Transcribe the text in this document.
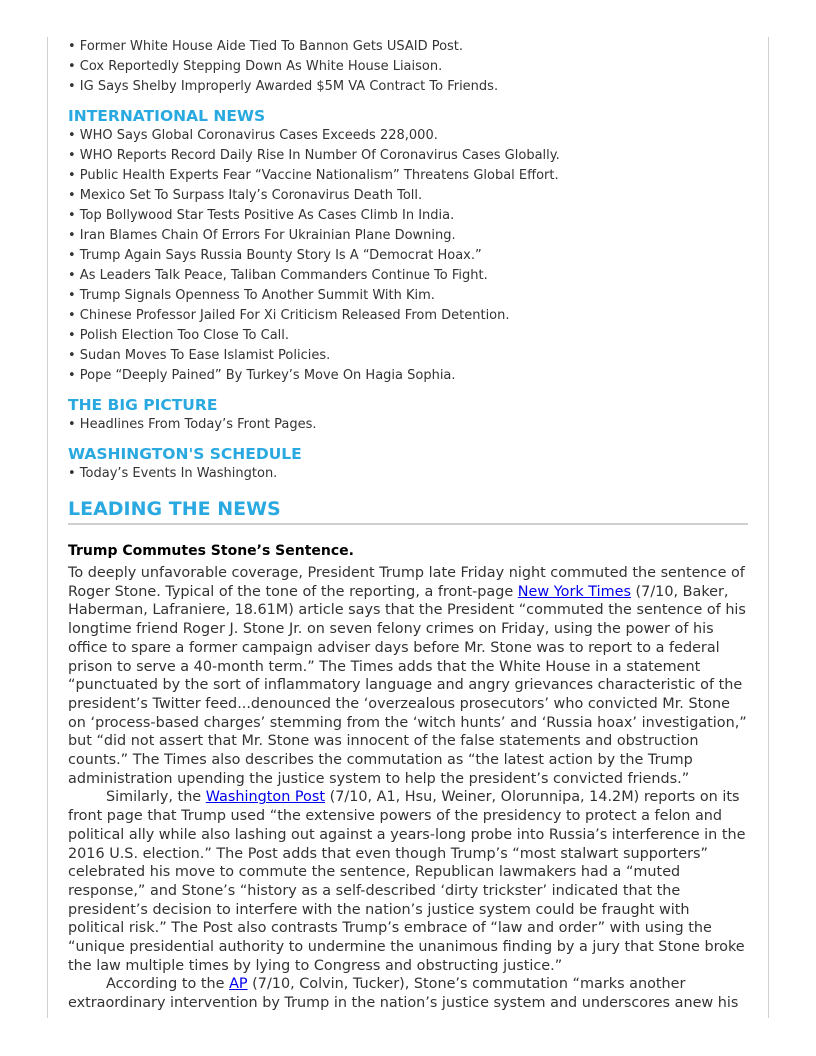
• Former White House Aide Tied To Bannon Gets USAID Post.
• Cox Reportedly Stepping Down As White House Liaison.
• IG Says Shelby Improperly Awarded $5M VA Contract To Friends.
INTERNATIONAL NEWS
• WHO Says Global Coronavirus Cases Exceeds 228,000.
• WHO Reports Record Daily Rise In Number Of Coronavirus Cases Globally.
• Public Health Experts Fear “Vaccine Nationalism” Threatens Global Effort.
• Mexico Set To Surpass Italy’s Coronavirus Death Toll.
• Top Bollywood Star Tests Positive As Cases Climb In India.
• Iran Blames Chain Of Errors For Ukrainian Plane Downing.
• Trump Again Says Russia Bounty Story Is A “Democrat Hoax.”
• As Leaders Talk Peace, Taliban Commanders Continue To Fight.
• Trump Signals Openness To Another Summit With Kim.
• Chinese Professor Jailed For Xi Criticism Released From Detention.
• Polish Election Too Close To Call.
• Sudan Moves To Ease Islamist Policies.
• Pope “Deeply Pained” By Turkey’s Move On Hagia Sophia.
THE BIG PICTURE
• Headlines From Today’s Front Pages.
WASHINGTON'S SCHEDULE
• Today’s Events In Washington.
LEADING THE NEWS
Trump Commutes Stone’s Sentence.

To deeply unfavorable coverage, President Trump late Friday night commuted the sentence of Roger Stone. Typical of the tone of the reporting, a front-page New York Times (7/10, Baker, Haberman, Lafraniere, 18.61M) article says that the President “commuted the sentence of his longtime friend Roger J. Stone Jr. on seven felony crimes on Friday, using the power of his office to spare a former campaign adviser days before Mr. Stone was to report to a federal prison to serve a 40-month term.” The Times adds that the White House in a statement “punctuated by the sort of inflammatory language and angry grievances characteristic of the president’s Twitter feed...denounced the ‘overzealous prosecutors’ who convicted Mr. Stone on ‘process-based charges’ stemming from the ‘witch hunts’ and ‘Russia hoax’ investigation,” but “did not assert that Mr. Stone was innocent of the false statements and obstruction counts.” The Times also describes the commutation as “the latest action by the Trump administration upending the justice system to help the president’s convicted friends.”

Similarly, the Washington Post (7/10, A1, Hsu, Weiner, Olorunnipa, 14.2M) reports on its front page that Trump used “the extensive powers of the presidency to protect a felon and political ally while also lashing out against a years-long probe into Russia’s interference in the 2016 U.S. election.” The Post adds that even though Trump’s “most stalwart supporters” celebrated his move to commute the sentence, Republican lawmakers had a “muted response,” and Stone’s “history as a self-described ‘dirty trickster’ indicated that the president’s decision to interfere with the nation’s justice system could be fraught with political risk.” The Post also contrasts Trump’s embrace of “law and order” with using the “unique presidential authority to undermine the unanimous finding by a jury that Stone broke the law multiple times by lying to Congress and obstructing justice.”

According to the AP (7/10, Colvin, Tucker), Stone’s commutation “marks another extraordinary intervention by Trump in the nation’s justice system and underscores anew his
